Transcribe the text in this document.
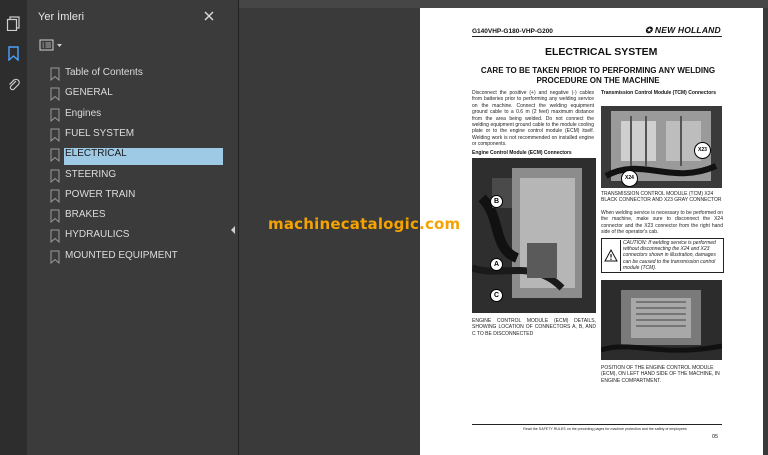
Yer İmleri
Table of Contents
GENERAL
Engines
FUEL SYSTEM
ELECTRICAL
STEERING
POWER TRAIN
BRAKES
HYDRAULICS
MOUNTED EQUIPMENT
G140VHP-G180-VHP-G200	✪ NEW HOLLAND
ELECTRICAL SYSTEM
CARE TO BE TAKEN PRIOR TO PERFORMING ANY WELDING PROCEDURE ON THE MACHINE
Disconnect the positive (+) and negative (-) cables from batteries prior to performing any welding service on the machine. Connect the welding equipment ground cable to a 0.6 m (2 feet) maximum distance from the area being welded. Do not connect the welding equipment ground cable to the module cooling plate or to the engine control module (ECM) itself. Welding work is not recommended on installed engine or components.
Engine Control Module (ECM) Connectors
B
A
C
ENGINE CONTROL MODULE (ECM) DETAILS, SHOWING LOCATION OF CONNECTORS A, B, AND C TO BE DISCONNECTED
Transmission Control Module (TCM) Connectors
X23
X24
TRANSMISSION CONTROL MODULE (TCM) X24 BLACK CONNECTOR AND X23 GRAY CONNECTOR
When welding service is necessary to be performed on the machine, make sure to disconnect the X24 connector and the X23 connector from the right hand side of the operator's cab.
CAUTION: If welding service is performed without disconnecting the X24 and X23 connectors shown in illustration, damages can be caused to the transmission control module (TCM).
POSITION OF THE ENGINE CONTROL MODULE (ECM), ON LEFT HAND SIDE OF THE MACHINE, IN ENGINE COMPARTMENT.
Read the SAFETY RULES on the preceding pages for machine protection and the safety of employees
05
machinecatalogic.com
